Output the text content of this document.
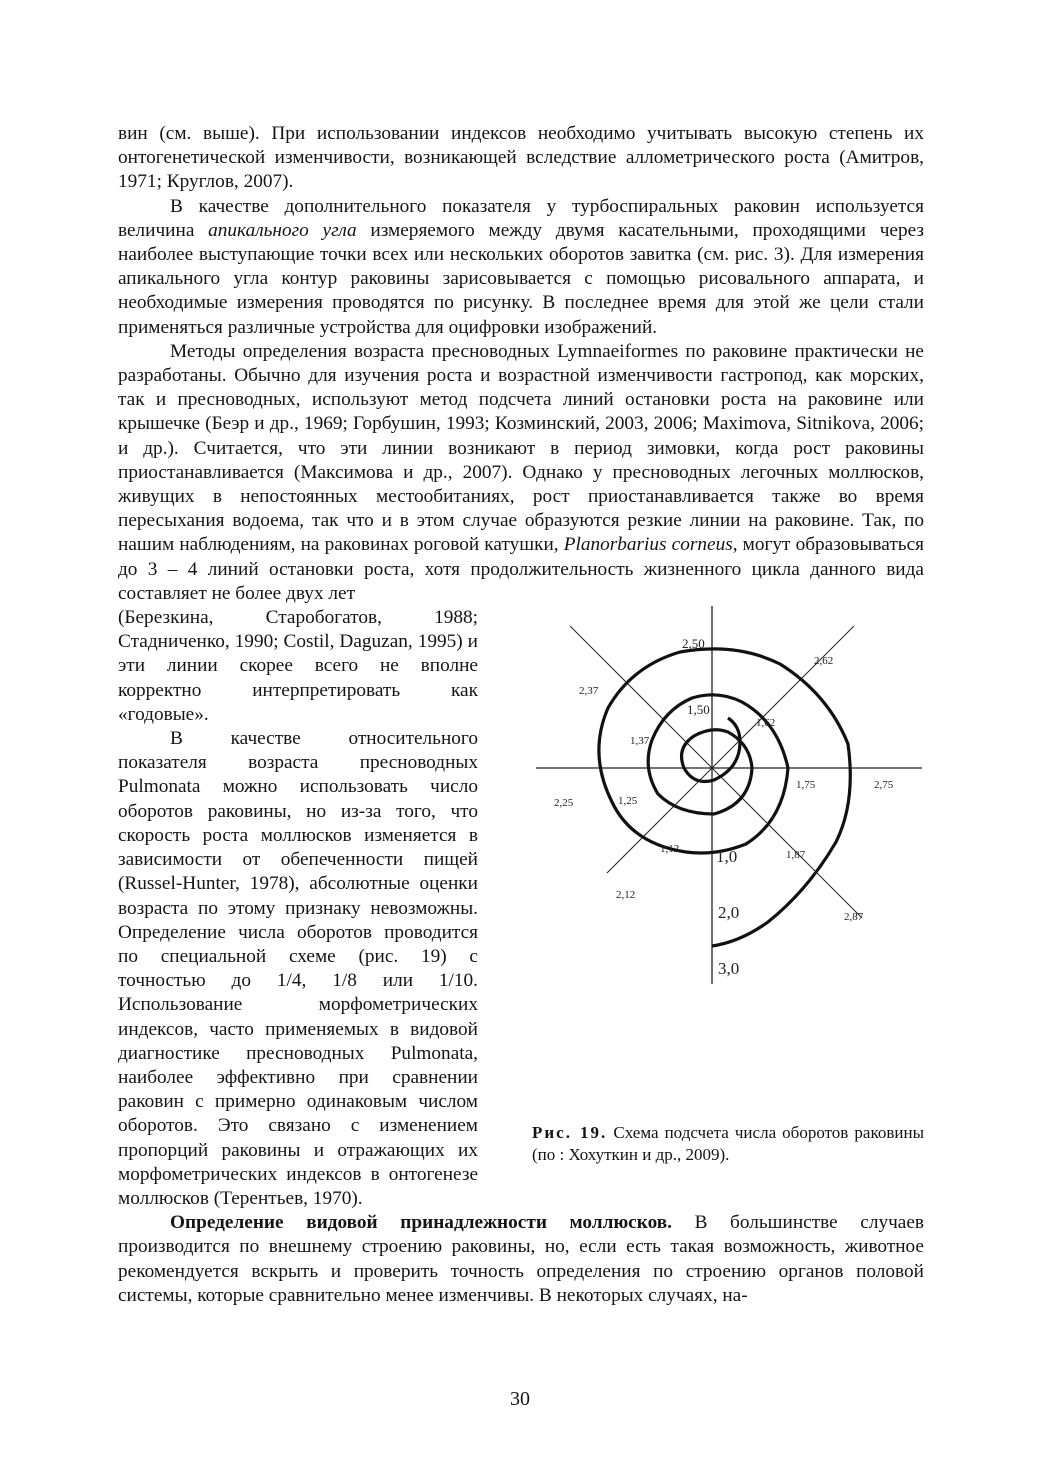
вин (см. выше). При использовании индексов необходимо учитывать высокую степень их онтогенетической изменчивости, возникающей вследствие аллометрического роста (Амитров, 1971; Круглов, 2007).

В качестве дополнительного показателя у турбоспиральных раковин используется величина апикального угла измеряемого между двумя касательными, проходящими через наиболее выступающие точки всех или нескольких оборотов завитка (см. рис. 3). Для измерения апикального угла контур раковины зарисовывается с помощью рисовального аппарата, и необходимые измерения проводятся по рисунку. В последнее время для этой же цели стали применяться различные устройства для оцифровки изображений.

Методы определения возраста пресноводных Lymnaeiformes по раковине практически не разработаны. Обычно для изучения роста и возрастной изменчивости гастропод, как морских, так и пресноводных, используют метод подсчета линий остановки роста на раковине или крышечке (Беэр и др., 1969; Горбушин, 1993; Козминский, 2003, 2006; Maximova, Sitnikova, 2006; и др.). Считается, что эти линии возникают в период зимовки, когда рост раковины приостанавливается (Максимова и др., 2007). Однако у пресноводных легочных моллюсков, живущих в непостоянных местообитаниях, рост приостанавливается также во время пересыхания водоема, так что и в этом случае образуются резкие линии на раковине. Так, по нашим наблюдениям, на раковинах роговой катушки, Planorbarius corneus, могут образовываться до 3 – 4 линий остановки роста, хотя продолжительность жизненного цикла данного вида составляет не более двух лет

(Березкина, Старобогатов, 1988; Стадниченко, 1990; Costil, Daguzan, 1995) и эти линии скорее всего не вполне корректно интерпретировать как «годовые».

В качестве относительного показателя возраста пресноводных Pulmonata можно использовать число оборотов раковины, но из-за того, что скорость роста моллюсков изменяется в зависимости от обепеченности пищей (Russel-Hunter, 1978), абсолютные оценки возраста по этому признаку невозможны. Определение числа оборотов проводится по специальной схеме (рис. 19) с точностью до 1/4, 1/8 или 1/10. Использование морфометрических индексов, часто применяемых в видовой диагностике пресноводных Pulmonata, наиболее эффективно при сравнении раковин с примерно одинаковым числом оборотов. Это связано с изменением пропорций раковины и отражающих их морфометрических индексов в онтогенезе моллюсков (Терентьев, 1970).

2,50
2,62
2,37
1,50
1,62
1,37
1,75	2,75
2,25	1,25
1,12 1,0	1,87
2,12
2,0	2,87
3,0

Рис. 19. Схема подсчета числа оборотов раковины (по : Хохуткин и др., 2009).

Определение видовой принадлежности моллюсков. В большинстве случаев производится по внешнему строению раковины, но, если есть такая возможность, животное рекомендуется вскрыть и проверить точность определения по строению органов половой системы, которые сравнительно менее изменчивы. В некоторых случаях, на-

30
